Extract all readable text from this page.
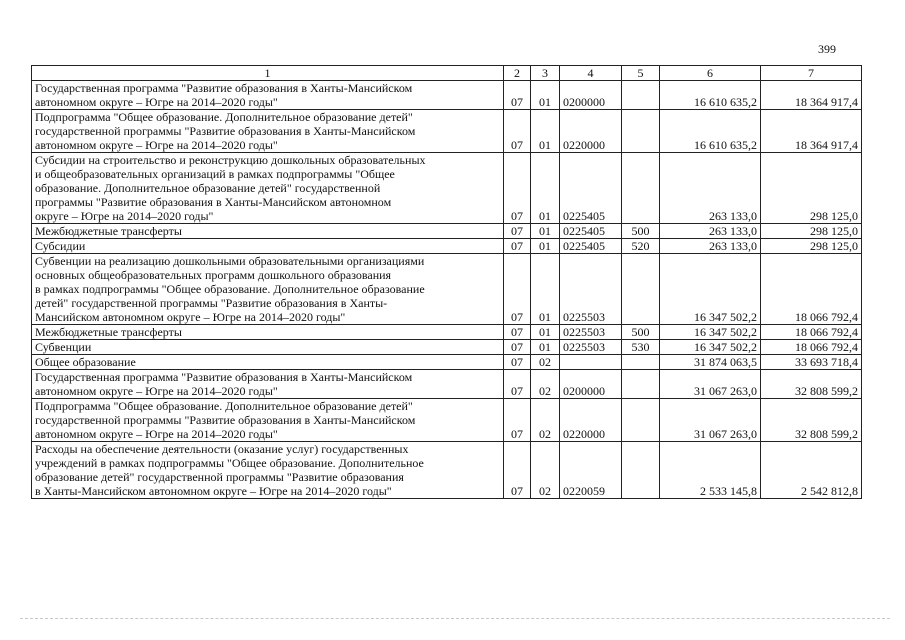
399
1	2	3	4	5	6	7
Государственная программа "Развитие образования в Ханты-Мансийском
автономном округе – Югре на 2014–2020 годы"	07	01	0200000		16 610 635,2	18 364 917,4
Подпрограмма "Общее образование. Дополнительное образование детей"
государственной программы "Развитие образования в Ханты-Мансийском
автономном округе – Югре на 2014–2020 годы"	07	01	0220000		16 610 635,2	18 364 917,4
Субсидии на строительство и реконструкцию дошкольных образовательных
и общеобразовательных организаций в рамках подпрограммы "Общее
образование. Дополнительное образование детей" государственной
программы "Развитие образования в Ханты-Мансийском автономном
округе – Югре на 2014–2020 годы"	07	01	0225405		263 133,0	298 125,0
Межбюджетные трансферты	07	01	0225405	500	263 133,0	298 125,0
Субсидии	07	01	0225405	520	263 133,0	298 125,0
Субвенции на реализацию дошкольными образовательными организациями
основных общеобразовательных программ дошкольного образования
в рамках подпрограммы "Общее образование. Дополнительное образование
детей" государственной программы "Развитие образования в Ханты-
Мансийском автономном округе – Югре на 2014–2020 годы"	07	01	0225503		16 347 502,2	18 066 792,4
Межбюджетные трансферты	07	01	0225503	500	16 347 502,2	18 066 792,4
Субвенции	07	01	0225503	530	16 347 502,2	18 066 792,4
Общее образование	07	02			31 874 063,5	33 693 718,4
Государственная программа "Развитие образования в Ханты-Мансийском
автономном округе – Югре на 2014–2020 годы"	07	02	0200000		31 067 263,0	32 808 599,2
Подпрограмма "Общее образование. Дополнительное образование детей"
государственной программы "Развитие образования в Ханты-Мансийском
автономном округе – Югре на 2014–2020 годы"	07	02	0220000		31 067 263,0	32 808 599,2
Расходы на обеспечение деятельности (оказание услуг) государственных
учреждений в рамках подпрограммы "Общее образование. Дополнительное
образование детей" государственной программы "Развитие образования
в Ханты-Мансийском автономном округе – Югре на 2014–2020 годы"	07	02	0220059		2 533 145,8	2 542 812,8
